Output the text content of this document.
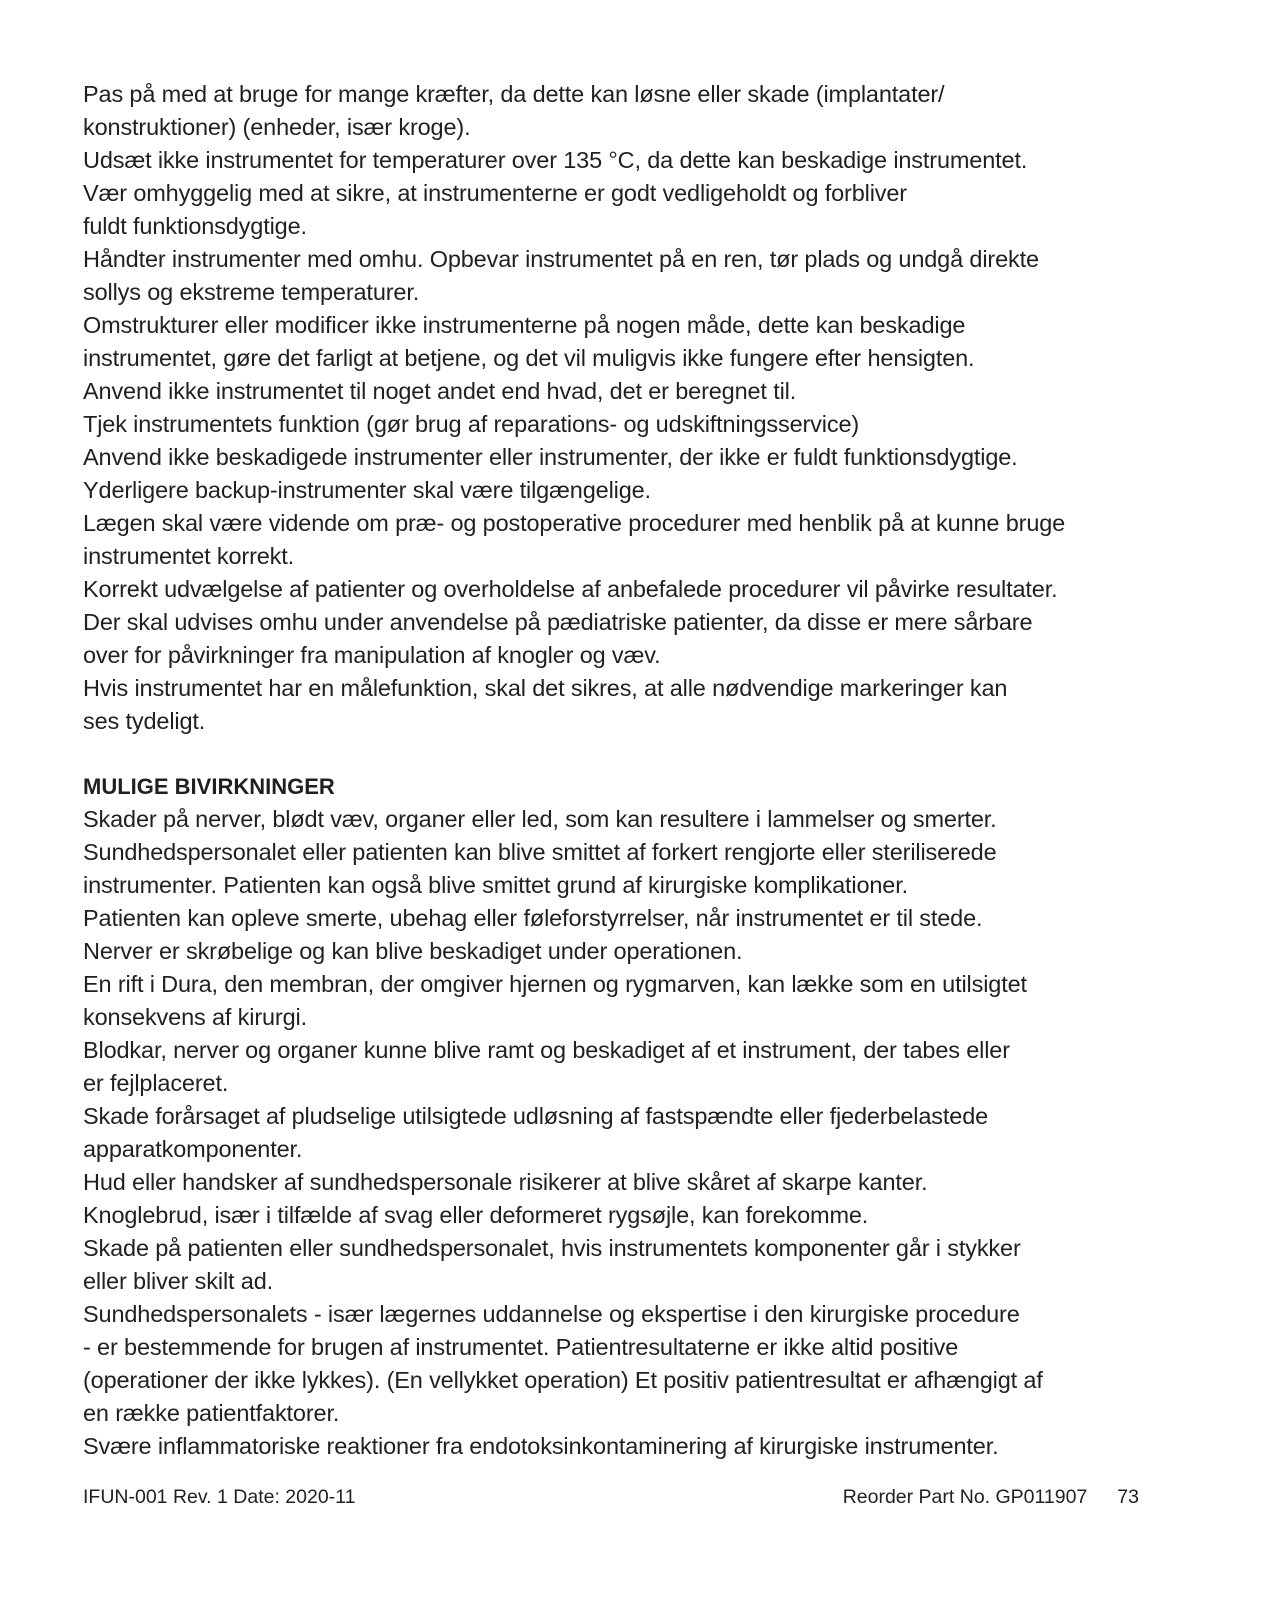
Pas på med at bruge for mange kræfter, da dette kan løsne eller skade (implantater/
konstruktioner) (enheder, især kroge).
Udsæt ikke instrumentet for temperaturer over 135 °C, da dette kan beskadige instrumentet.
Vær omhyggelig med at sikre, at instrumenterne er godt vedligeholdt og forbliver
fuldt funktionsdygtige.
Håndter instrumenter med omhu. Opbevar instrumentet på en ren, tør plads og undgå direkte
sollys og ekstreme temperaturer.
Omstrukturer eller modificer ikke instrumenterne på nogen måde, dette kan beskadige
instrumentet, gøre det farligt at betjene, og det vil muligvis ikke fungere efter hensigten.
Anvend ikke instrumentet til noget andet end hvad, det er beregnet til.
Tjek instrumentets funktion (gør brug af reparations- og udskiftningsservice)
Anvend ikke beskadigede instrumenter eller instrumenter, der ikke er fuldt funktionsdygtige.
Yderligere backup-instrumenter skal være tilgængelige.
Lægen skal være vidende om præ- og postoperative procedurer med henblik på at kunne bruge
instrumentet korrekt.
Korrekt udvælgelse af patienter og overholdelse af anbefalede procedurer vil påvirke resultater.
Der skal udvises omhu under anvendelse på pædiatriske patienter, da disse er mere sårbare
over for påvirkninger fra manipulation af knogler og væv.
Hvis instrumentet har en målefunktion, skal det sikres, at alle nødvendige markeringer kan
ses tydeligt.
MULIGE BIVIRKNINGER
Skader på nerver, blødt væv, organer eller led, som kan resultere i lammelser og smerter.
Sundhedspersonalet eller patienten kan blive smittet af forkert rengjorte eller steriliserede
instrumenter. Patienten kan også blive smittet grund af kirurgiske komplikationer.
Patienten kan opleve smerte, ubehag eller føleforstyrrelser, når instrumentet er til stede.
Nerver er skrøbelige og kan blive beskadiget under operationen.
En rift i Dura, den membran, der omgiver hjernen og rygmarven, kan lække som en utilsigtet
konsekvens af kirurgi.
Blodkar, nerver og organer kunne blive ramt og beskadiget af et instrument, der tabes eller
er fejlplaceret.
Skade forårsaget af pludselige utilsigtede udløsning af fastspændte eller fjederbelastede
apparatkomponenter.
Hud eller handsker af sundhedspersonale risikerer at blive skåret af skarpe kanter.
Knoglebrud, især i tilfælde af svag eller deformeret rygsøjle, kan forekomme.
Skade på patienten eller sundhedspersonalet, hvis instrumentets komponenter går i stykker
eller bliver skilt ad.
Sundhedspersonalets - især lægernes uddannelse og ekspertise i den kirurgiske procedure
- er bestemmende for brugen af instrumentet. Patientresultaterne er ikke altid positive
(operationer der ikke lykkes). (En vellykket operation) Et positiv patientresultat er afhængigt af
en række patientfaktorer.
Svære inflammatoriske reaktioner fra endotoksinkontaminering af kirurgiske instrumenter.
IFUN-001 Rev. 1 Date: 2020-11	Reorder Part No. GP011907 73
